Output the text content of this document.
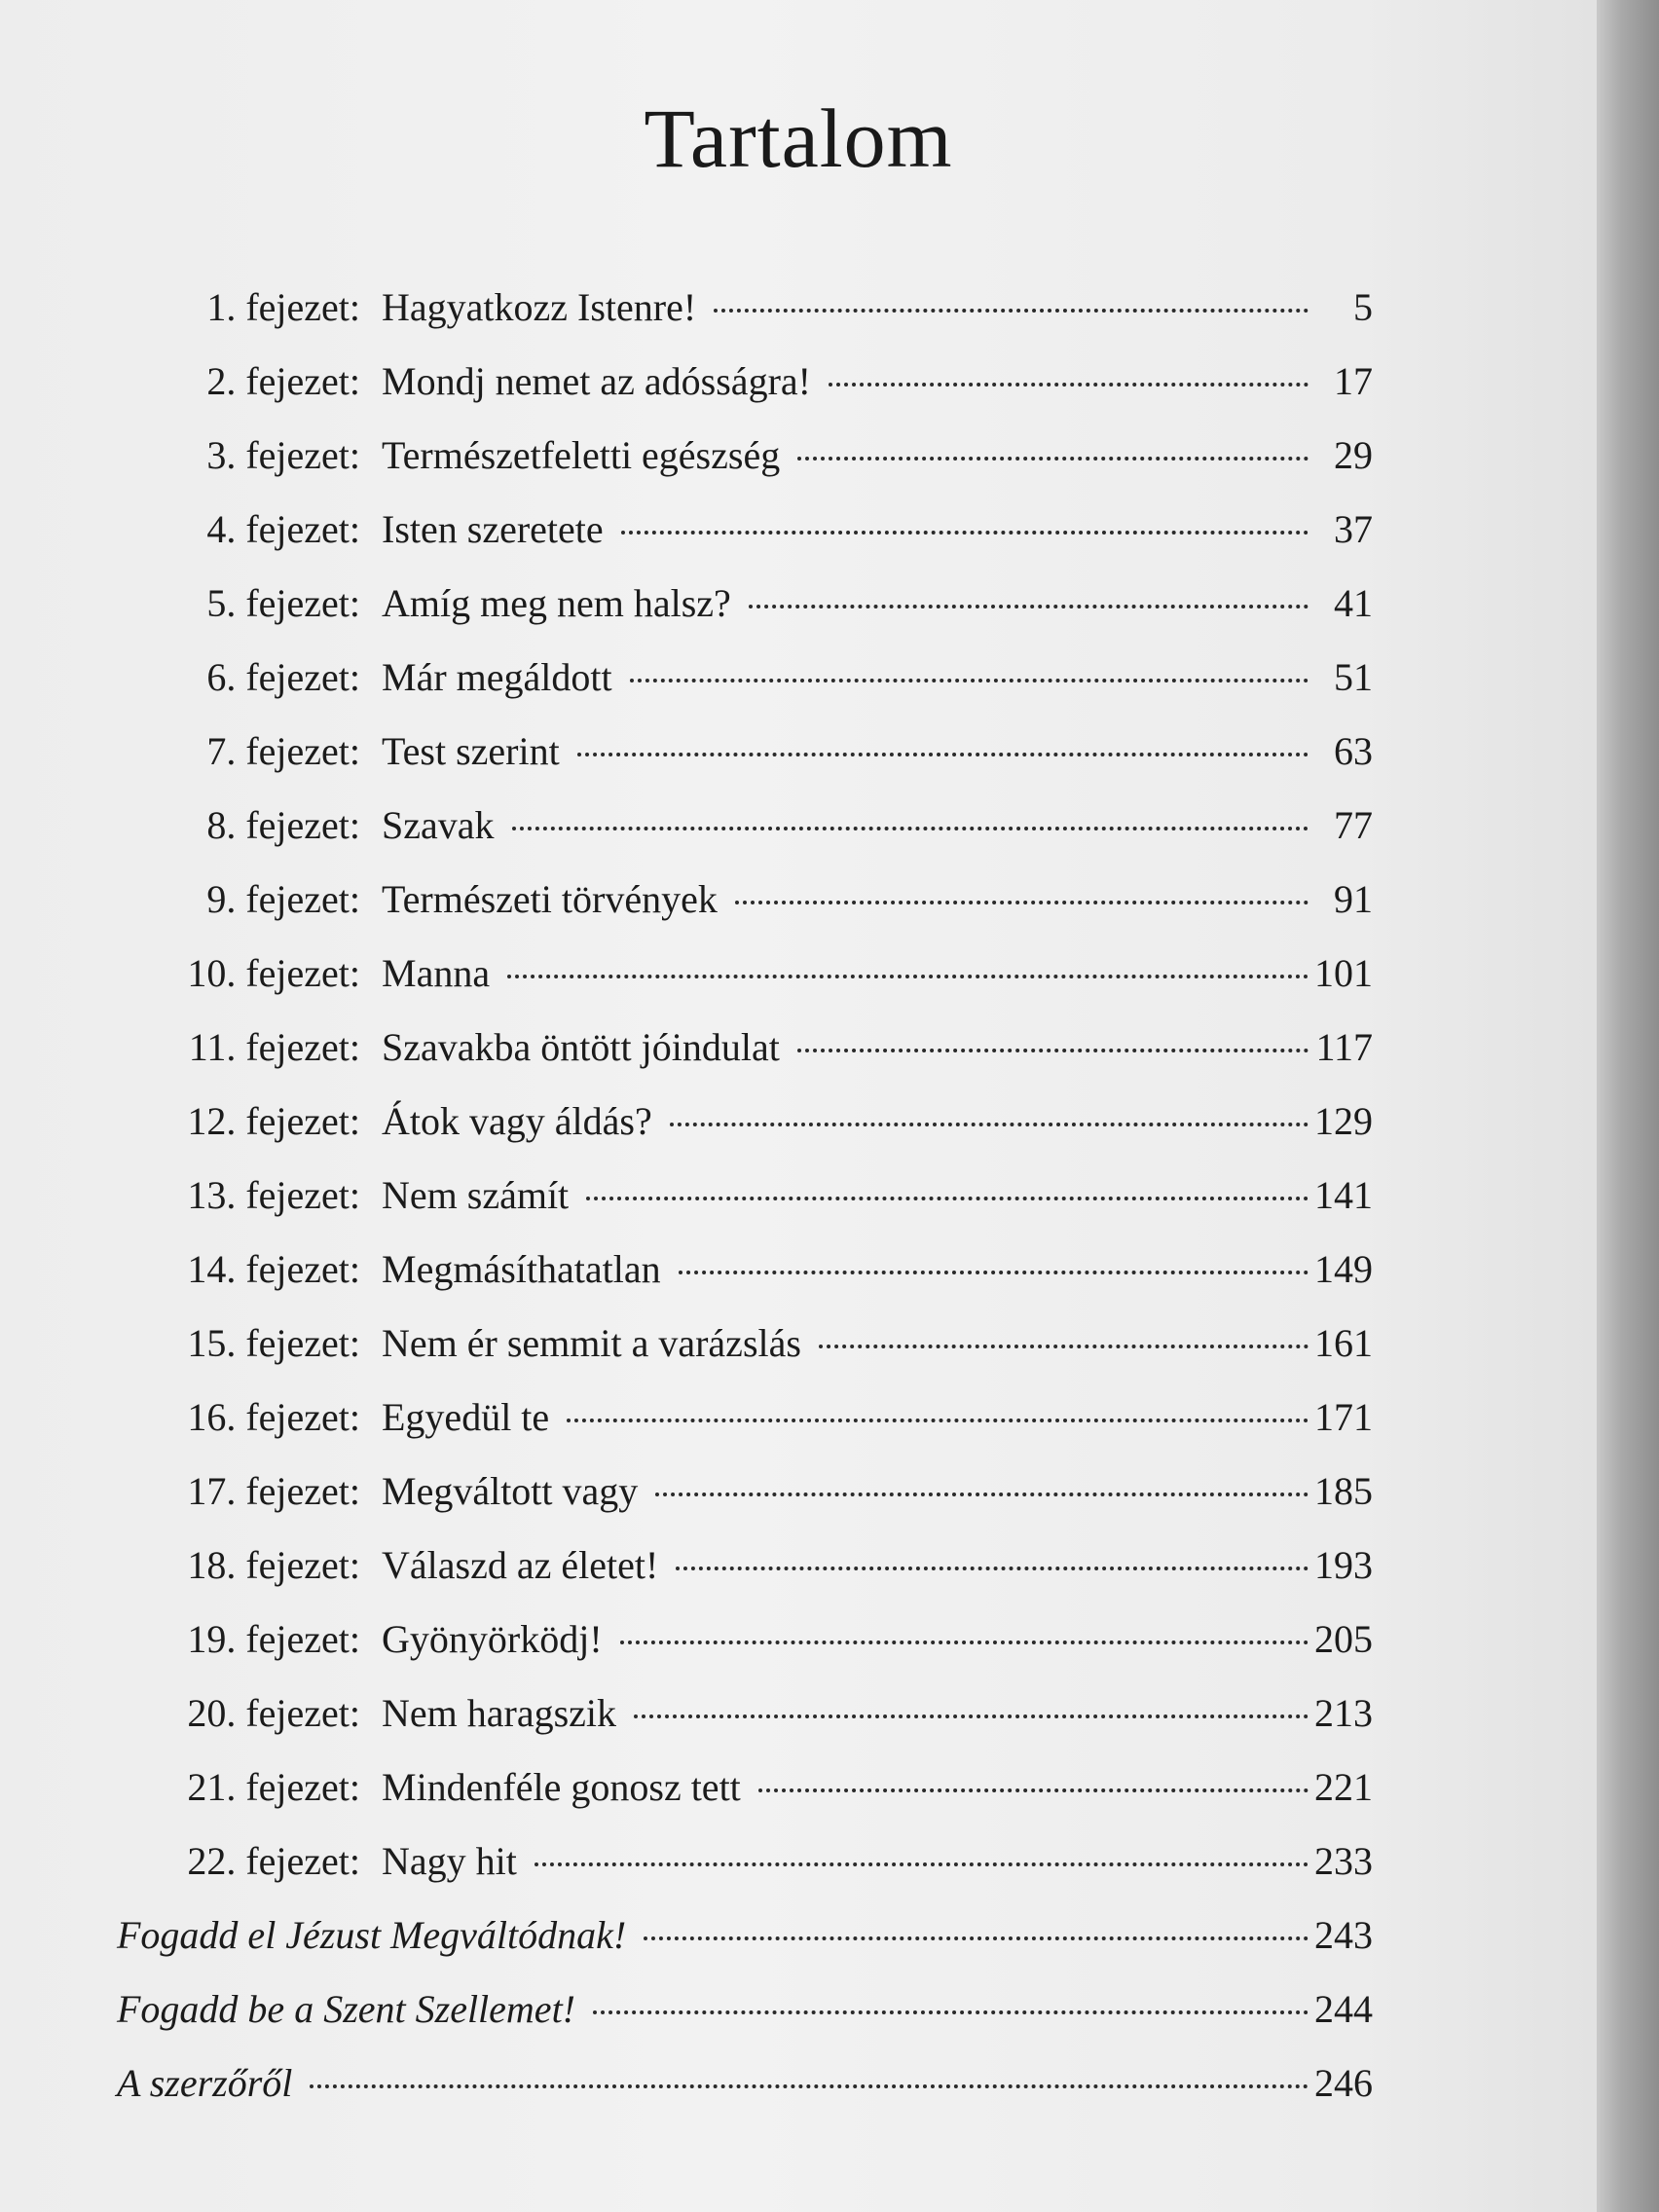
Tartalom
1. fejezet: Hagyatkozz Istenre!	5
2. fejezet: Mondj nemet az adósságra!	17
3. fejezet: Természetfeletti egészség	29
4. fejezet: Isten szeretete	37
5. fejezet: Amíg meg nem halsz?	41
6. fejezet: Már megáldott	51
7. fejezet: Test szerint	63
8. fejezet: Szavak	77
9. fejezet: Természeti törvények	91
10. fejezet: Manna	101
11. fejezet: Szavakba öntött jóindulat	117
12. fejezet: Átok vagy áldás?	129
13. fejezet: Nem számít	141
14. fejezet: Megmásíthatatlan	149
15. fejezet: Nem ér semmit a varázslás	161
16. fejezet: Egyedül te	171
17. fejezet: Megváltott vagy	185
18. fejezet: Válaszd az életet!	193
19. fejezet: Gyönyörködj!	205
20. fejezet: Nem haragszik	213
21. fejezet: Mindenféle gonosz tett	221
22. fejezet: Nagy hit	233
Fogadd el Jézust Megváltódnak!	243
Fogadd be a Szent Szellemet!	244
A szerzőről	246
